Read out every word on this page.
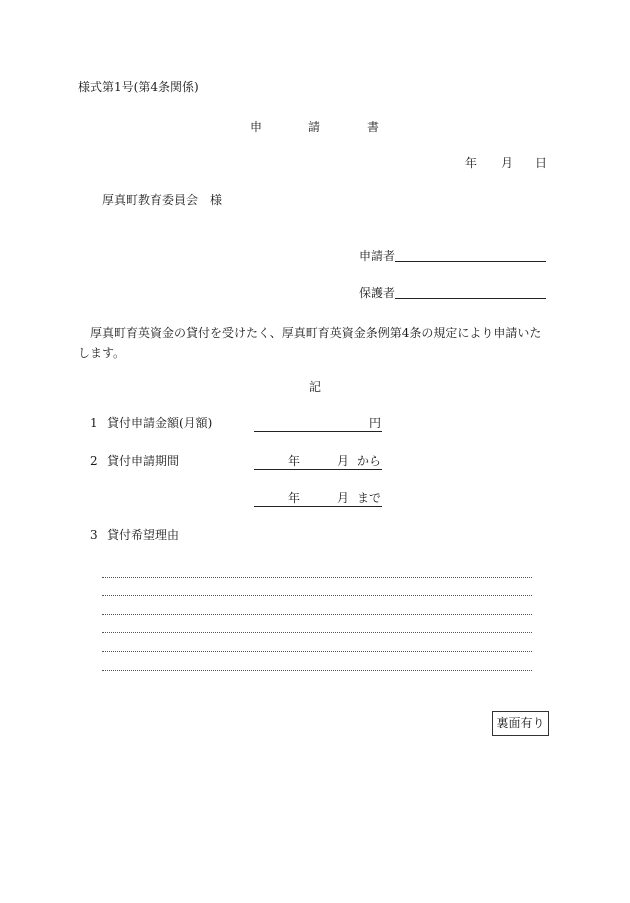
様式第1号(第4条関係)
申	請	書
年 月 日
厚真町教育委員会　様
申請者
保護者
厚真町育英資金の貸付を受けたく、厚真町育英資金条例第4条の規定により申請いたします。
記
1 貸付申請金額(月額)	円
2 貸付申請期間	年	月 から
年	月 まで
3 貸付希望理由
裏面有り
